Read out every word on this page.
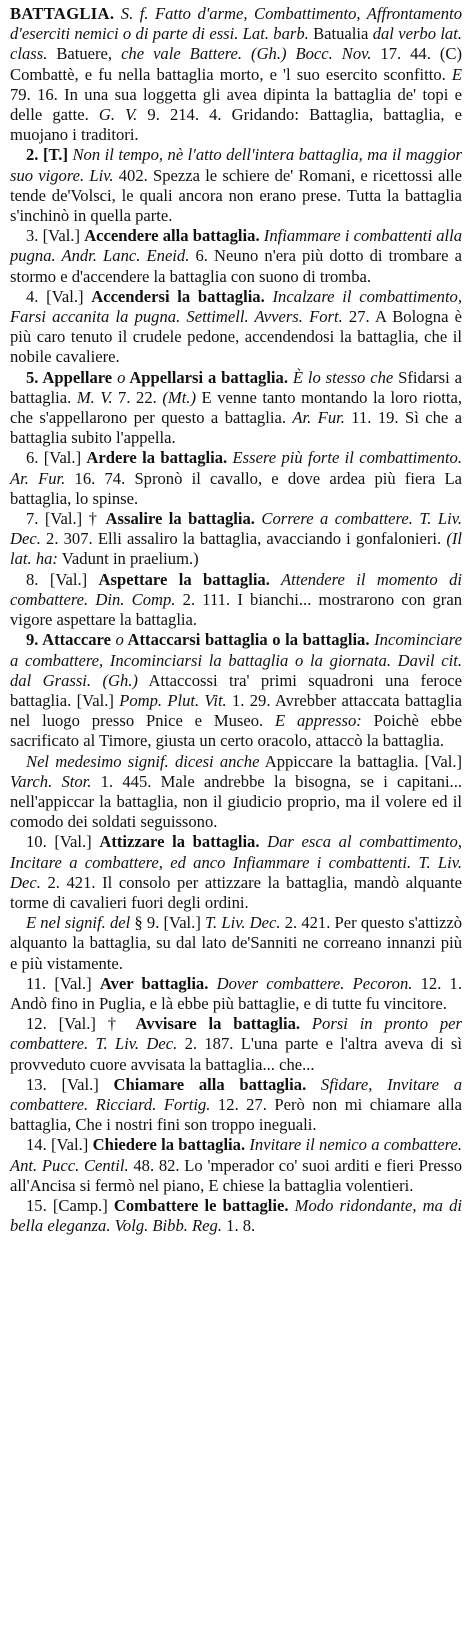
BATTAGLIA. S. f. Fatto d'arme, Combattimento, Affrontamento d'eserciti nemici o di parte di essi. Lat. barb. Batualia dal verbo lat. class. Batuere, che vale Battere. (Gh.) Bocc. Nov. 17. 44. (C) Combattè, e fu nella battaglia morto, e 'l suo esercito sconfitto. E 79. 16. In una sua loggetta gli avea dipinta la battaglia de' topi e delle gatte. G. V. 9. 214. 4. Gridando: Battaglia, battaglia, e muojano i traditori.

2. [T.] Non il tempo, nè l'atto dell'intera battaglia, ma il maggior suo vigore. Liv. 402. Spezza le schiere de' Romani, e ricettossi alle tende de'Volsci, le quali ancora non erano prese. Tutta la battaglia s'inchinò in quella parte.

3. [Val.] Accendere alla battaglia. Infiammare i combattenti alla pugna. Andr. Lanc. Eneid. 6. Neuno n'era più dotto di trombare a stormo e d'accendere la battaglia con suono di tromba.

4. [Val.] Accendersi la battaglia. Incalzare il combattimento, Farsi accanita la pugna. Settimell. Avvers. Fort. 27. A Bologna è più caro tenuto il crudele pedone, accendendosi la battaglia, che il nobile cavaliere.

5. Appellare o Appellarsi a battaglia. È lo stesso che Sfidarsi a battaglia. M. V. 7. 22. (Mt.) E venne tanto montando la loro riotta, che s'appellarono per questo a battaglia. Ar. Fur. 11. 19. Sì che a battaglia subito l'appella.

6. [Val.] Ardere la battaglia. Essere più forte il combattimento. Ar. Fur. 16. 74. Spronò il cavallo, e dove ardea più fiera La battaglia, lo spinse.

7. [Val.] † Assalire la battaglia. Correre a combattere. T. Liv. Dec. 2. 307. Elli assaliro la battaglia, avacciando i gonfalonieri. (Il lat. ha: Vadunt in praelium.)

8. [Val.] Aspettare la battaglia. Attendere il momento di combattere. Din. Comp. 2. 111. I bianchi... mostrarono con gran vigore aspettare la battaglia.

9. Attaccare o Attaccarsi battaglia o la battaglia. Incominciare a combattere, Incominciarsi la battaglia o la giornata. Davil cit. dal Grassi. (Gh.) Attaccossi tra' primi squadroni una feroce battaglia. [Val.] Pomp. Plut. Vit. 1. 29. Avrebber attaccata battaglia nel luogo presso Pnice e Museo. E appresso: Poichè ebbe sacrificato al Timore, giusta un certo oracolo, attaccò la battaglia.

Nel medesimo signif. dicesi anche Appiccare la battaglia. [Val.] Varch. Stor. 1. 445. Male andrebbe la bisogna, se i capitani... nell'appiccar la battaglia, non il giudicio proprio, ma il volere ed il comodo dei soldati seguissono.

10. [Val.] Attizzare la battaglia. Dar esca al combattimento, Incitare a combattere, ed anco Infiammare i combattenti. T. Liv. Dec. 2. 421. Il consolo per attizzare la battaglia, mandò alquante torme di cavalieri fuori degli ordini.

E nel signif. del § 9. [Val.] T. Liv. Dec. 2. 421. Per questo s'attizzò alquanto la battaglia, su dal lato de'Sanniti ne correano innanzi più e più vistamente.

11. [Val.] Aver battaglia. Dover combattere. Pecoron. 12. 1. Andò fino in Puglia, e là ebbe più battaglie, e di tutte fu vincitore.

12. [Val.] † Avvisare la battaglia. Porsi in pronto per combattere. T. Liv. Dec. 2. 187. L'una parte e l'altra aveva di sì provveduto cuore avvisata la battaglia... che...

13. [Val.] Chiamare alla battaglia. Sfidare, Invitare a combattere. Ricciard. Fortig. 12. 27. Però non mi chiamare alla battaglia, Che i nostri fini son troppo ineguali.

14. [Val.] Chiedere la battaglia. Invitare il nemico a combattere. Ant. Pucc. Centil. 48. 82. Lo 'mperador co' suoi arditi e fieri Presso all'Ancisa si fermò nel piano, E chiese la battaglia volentieri.

15. [Camp.] Combattere le battaglie. Modo ridondante, ma di bella eleganza. Volg. Bibb. Reg. 1. 8.
